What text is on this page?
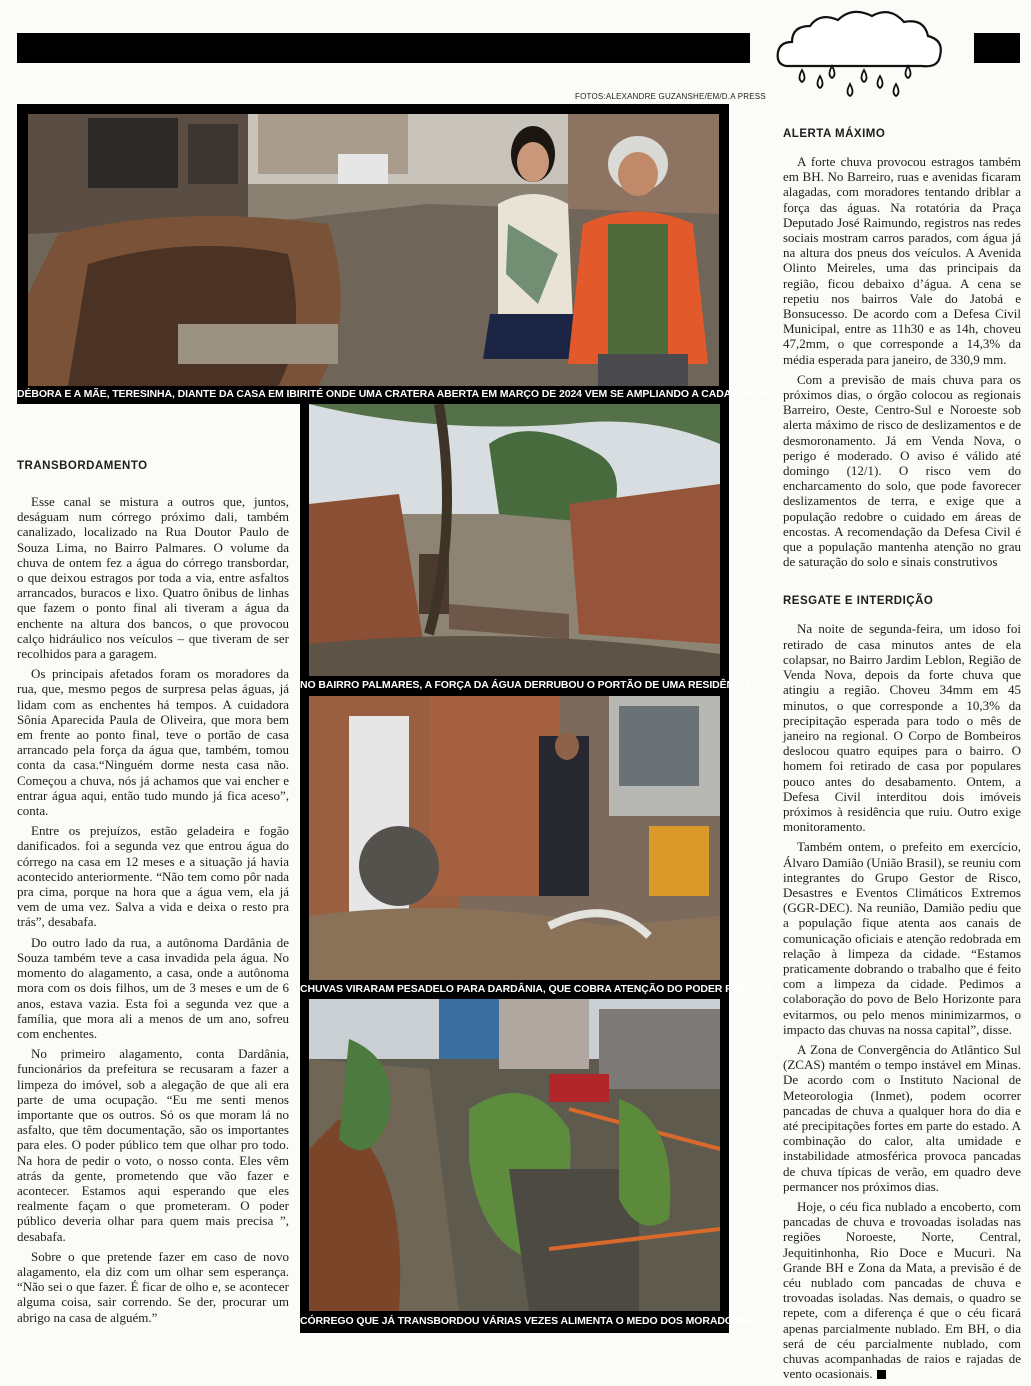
FOTOS:ALEXANDRE GUZANSHE/EM/D.A PRESS
DÉBORA E A MÃE, TERESINHA, DIANTE DA CASA EM IBIRITÉ ONDE UMA CRATERA ABERTA EM MARÇO DE 2024 VEM SE AMPLIANDO A CADA CHUVA
NO BAIRRO PALMARES, A FORÇA DA ÁGUA DERRUBOU O PORTÃO DE UMA RESIDÊNCIA
CHUVAS VIRARAM PESADELO PARA DARDÂNIA, QUE COBRA ATENÇÃO DO PODER PÚBLICO
CÓRREGO QUE JÁ TRANSBORDOU VÁRIAS VEZES ALIMENTA O MEDO DOS MORADORES
TRANSBORDAMENTO

Esse canal se mistura a outros que, juntos, deságuam num córrego próximo dali, também canalizado, localizado na Rua Doutor Paulo de Souza Lima, no Bairro Palmares. O volume da chuva de ontem fez a água do córrego transbordar, o que deixou estragos por toda a via, entre asfaltos arrancados, buracos e lixo. Quatro ônibus de linhas que fazem o ponto final ali tiveram a água da enchente na altura dos bancos, o que provocou calço hidráulico nos veículos – que tiveram de ser recolhidos para a garagem.

Os principais afetados foram os moradores da rua, que, mesmo pegos de surpresa pelas águas, já lidam com as enchentes há tempos. A cuidadora Sônia Aparecida Paula de Oliveira, que mora bem em frente ao ponto final, teve o portão de casa arrancado pela força da água que, também, tomou conta da casa.“Ninguém dorme nesta casa não. Começou a chuva, nós já achamos que vai encher e entrar água aqui, então tudo mundo já fica aceso”, conta.

Entre os prejuízos, estão geladeira e fogão danificados. foi a segunda vez que entrou água do córrego na casa em 12 meses e a situação já havia acontecido anteriormente. “Não tem como pôr nada pra cima, porque na hora que a água vem, ela já vem de uma vez. Salva a vida e deixa o resto pra trás”, desabafa.

Do outro lado da rua, a autônoma Dardânia de Souza também teve a casa invadida pela água. No momento do alagamento, a casa, onde a autônoma mora com os dois filhos, um de 3 meses e um de 6 anos, estava vazia. Esta foi a segunda vez que a família, que mora ali a menos de um ano, sofreu com enchentes.

No primeiro alagamento, conta Dardânia, funcionários da prefeitura se recusaram a fazer a limpeza do imóvel, sob a alegação de que ali era parte de uma ocupação. “Eu me senti menos importante que os outros. Só os que moram lá no asfalto, que têm documentação, são os importantes para eles. O poder público tem que olhar pro todo. Na hora de pedir o voto, o nosso conta. Eles vêm atrás da gente, prometendo que vão fazer e acontecer. Estamos aqui esperando que eles realmente façam o que prometeram. O poder público deveria olhar para quem mais precisa ”, desabafa.

Sobre o que pretende fazer em caso de novo alagamento, ela diz com um olhar sem esperança. “Não sei o que fazer. É ficar de olho e, se acontecer alguma coisa, sair correndo. Se der, procurar um abrigo na casa de alguém.”

ALERTA MÁXIMO

A forte chuva provocou estragos também em BH. No Barreiro, ruas e avenidas ficaram alagadas, com moradores tentando driblar a força das águas. Na rotatória da Praça Deputado José Raimundo, registros nas redes sociais mostram carros parados, com água já na altura dos pneus dos veículos. A Avenida Olinto Meireles, uma das principais da região, ficou debaixo d’água. A cena se repetiu nos bairros Vale do Jatobá e Bonsucesso. De acordo com a Defesa Civil Municipal, entre as 11h30 e as 14h, choveu 47,2mm, o que corresponde a 14,3% da média esperada para janeiro, de 330,9 mm.

Com a previsão de mais chuva para os próximos dias, o órgão colocou as regionais Barreiro, Oeste, Centro-Sul e Noroeste sob alerta máximo de risco de deslizamentos e de desmoronamento. Já em Venda Nova, o perigo é moderado. O aviso é válido até domingo (12/1). O risco vem do encharcamento do solo, que pode favorecer deslizamentos de terra, e exige que a população redobre o cuidado em áreas de encostas. A recomendação da Defesa Civil é que a população mantenha atenção no grau de saturação do solo e sinais construtivos

RESGATE E INTERDIÇÃO

Na noite de segunda-feira, um idoso foi retirado de casa minutos antes de ela colapsar, no Bairro Jardim Leblon, Região de Venda Nova, depois da forte chuva que atingiu a região. Choveu 34mm em 45 minutos, o que corresponde a 10,3% da precipitação esperada para todo o mês de janeiro na regional. O Corpo de Bombeiros deslocou quatro equipes para o bairro. O homem foi retirado de casa por populares pouco antes do desabamento. Ontem, a Defesa Civil interditou dois imóveis próximos à residência que ruiu. Outro exige monitoramento.

Também ontem, o prefeito em exercício, Álvaro Damião (União Brasil), se reuniu com integrantes do Grupo Gestor de Risco, Desastres e Eventos Climáticos Extremos (GGR-DEC). Na reunião, Damião pediu que a população fique atenta aos canais de comunicação oficiais e atenção redobrada em relação à limpeza da cidade. “Estamos praticamente dobrando o trabalho que é feito com a limpeza da cidade. Pedimos a colaboração do povo de Belo Horizonte para evitarmos, ou pelo menos minimizarmos, o impacto das chuvas na nossa capital”, disse.

A Zona de Convergência do Atlântico Sul (ZCAS) mantém o tempo instável em Minas. De acordo com o Instituto Nacional de Meteorologia (Inmet), podem ocorrer pancadas de chuva a qualquer hora do dia e até precipitações fortes em parte do estado. A combinação do calor, alta umidade e instabilidade atmosférica provoca pancadas de chuva típicas de verão, em quadro deve permancer nos próximos dias.

Hoje, o céu fica nublado a encoberto, com pancadas de chuva e trovoadas isoladas nas regiões Noroeste, Norte, Central, Jequitinhonha, Rio Doce e Mucuri. Na Grande BH e Zona da Mata, a previsão é de céu nublado com pancadas de chuva e trovoadas isoladas. Nas demais, o quadro se repete, com a diferença é que o céu ficará apenas parcialmente nublado. Em BH, o dia será de céu parcialmente nublado, com chuvas acompanhadas de raios e rajadas de vento ocasionais.
